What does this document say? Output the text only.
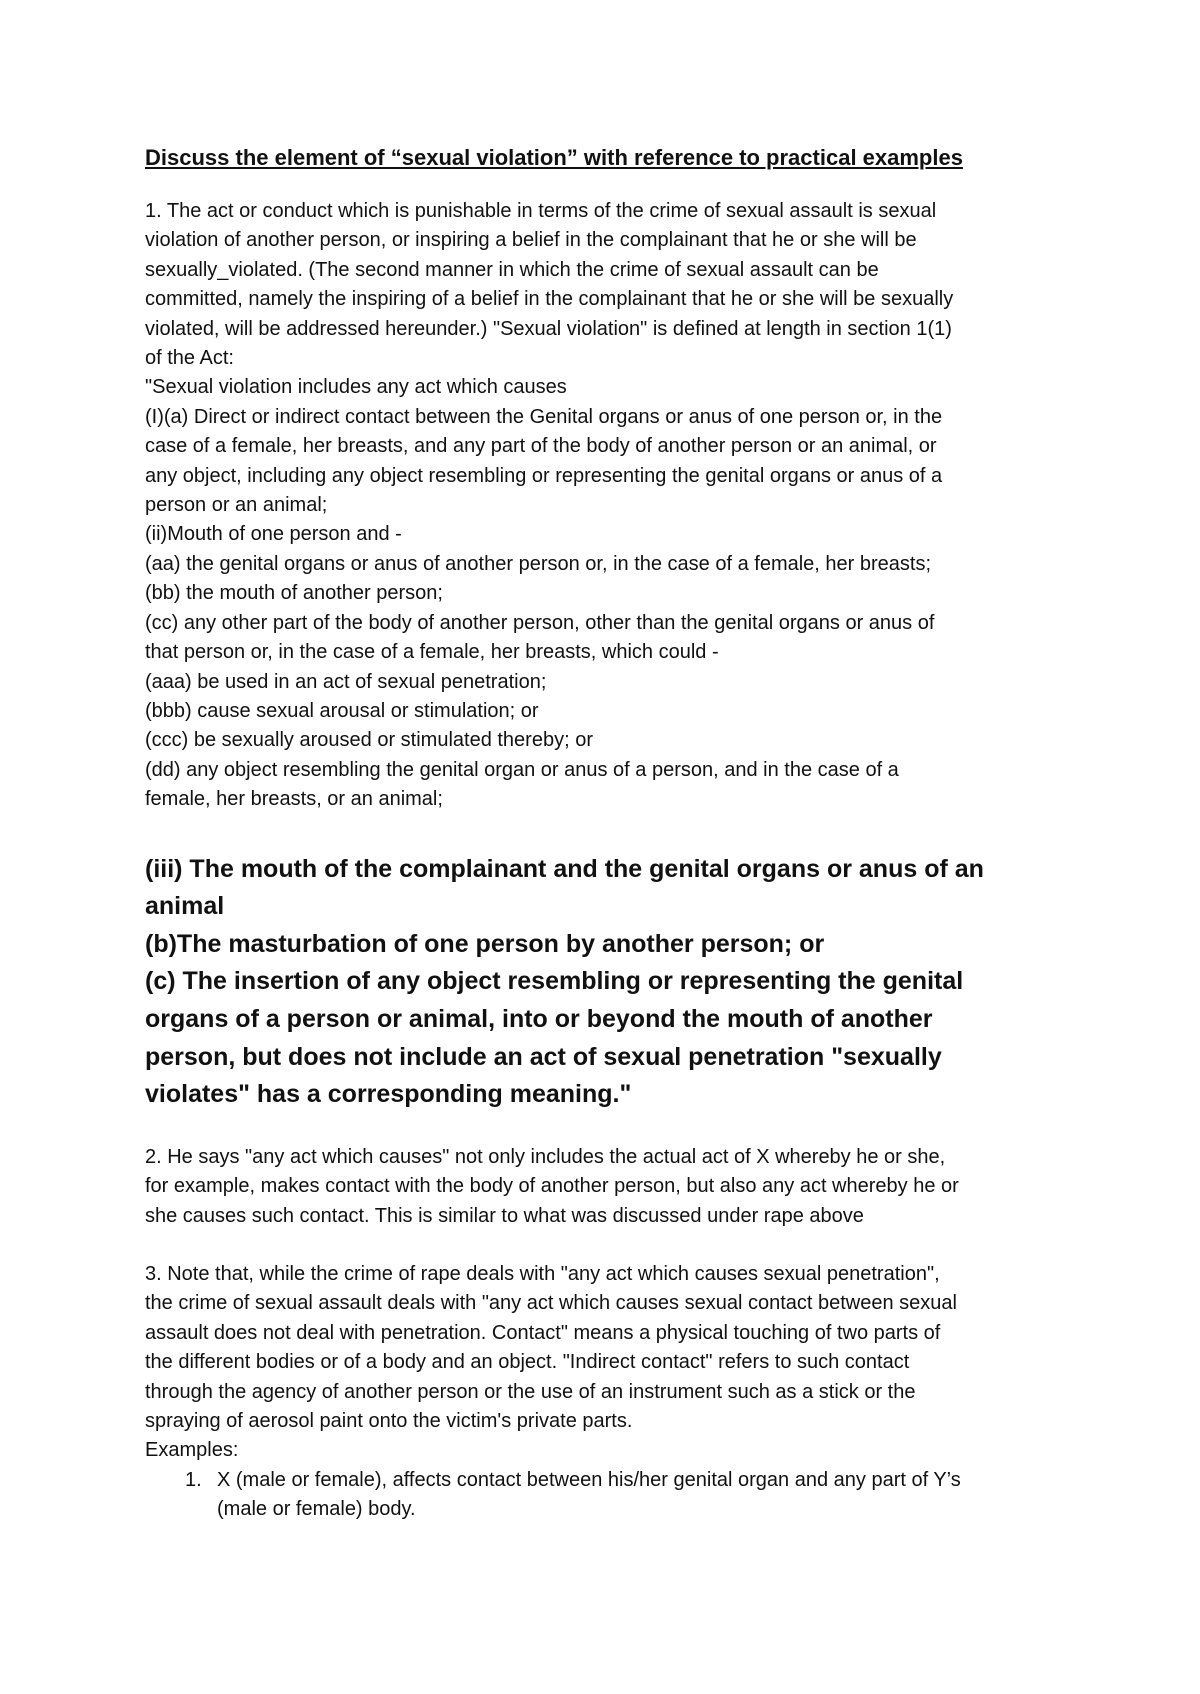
Discuss the element of “sexual violation” with reference to practical examples
1. The act or conduct which is punishable in terms of the crime of sexual assault is sexual
violation of another person, or inspiring a belief in the complainant that he or she will be
sexually_violated. (The second manner in which the crime of sexual assault can be
committed, namely the inspiring of a belief in the complainant that he or she will be sexually
violated, will be addressed hereunder.) "Sexual violation" is defined at length in section 1(1)
of the Act:
"Sexual violation includes any act which causes
(I)(a) Direct or indirect contact between the Genital organs or anus of one person or, in the
case of a female, her breasts, and any part of the body of another person or an animal, or
any object, including any object resembling or representing the genital organs or anus of a
person or an animal;
(ii)Mouth of one person and -
(aa) the genital organs or anus of another person or, in the case of a female, her breasts;
(bb) the mouth of another person;
(cc) any other part of the body of another person, other than the genital organs or anus of
that person or, in the case of a female, her breasts, which could -
(aaa) be used in an act of sexual penetration;
(bbb) cause sexual arousal or stimulation; or
(ccc) be sexually aroused or stimulated thereby; or
(dd) any object resembling the genital organ or anus of a person, and in the case of a
female, her breasts, or an animal;
(iii) The mouth of the complainant and the genital organs or anus of an
animal
(b)The masturbation of one person by another person; or
(c) The insertion of any object resembling or representing the genital
organs of a person or animal, into or beyond the mouth of another
person, but does not include an act of sexual penetration "sexually
violates" has a corresponding meaning."
2. He says "any act which causes" not only includes the actual act of X whereby he or she,
for example, makes contact with the body of another person, but also any act whereby he or
she causes such contact. This is similar to what was discussed under rape above
3. Note that, while the crime of rape deals with "any act which causes sexual penetration",
the crime of sexual assault deals with "any act which causes sexual contact between sexual
assault does not deal with penetration. Contact" means a physical touching of two parts of
the different bodies or of a body and an object. "Indirect contact" refers to such contact
through the agency of another person or the use of an instrument such as a stick or the
spraying of aerosol paint onto the victim's private parts.
Examples:
1. X (male or female), affects contact between his/her genital organ and any part of Y’s
(male or female) body.
